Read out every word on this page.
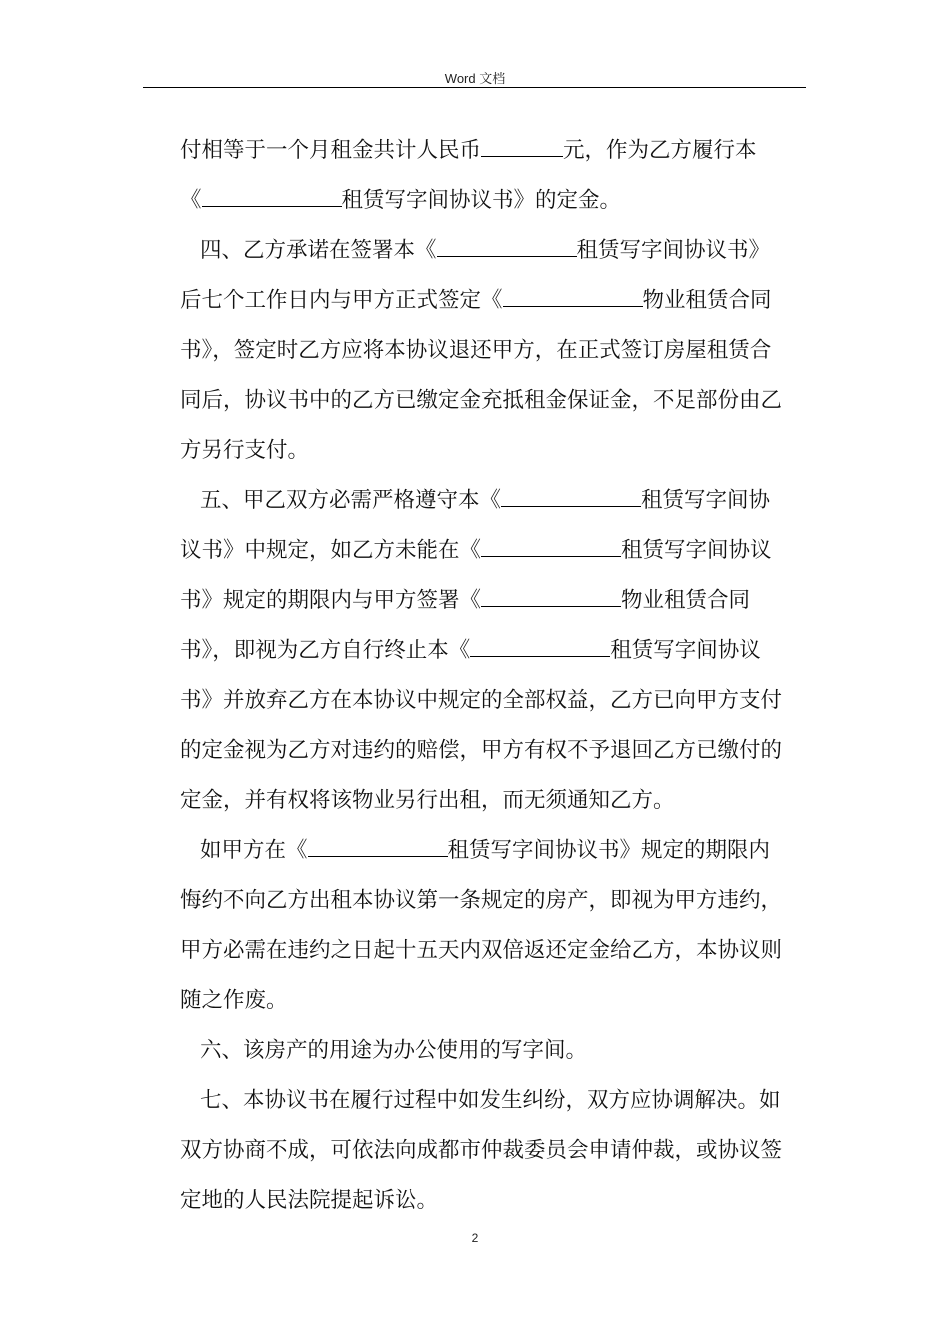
Word 文档
付相等于一个月租金共计人民币	元，作为乙方履行本
《	租赁写字间协议书》的定金。
四、乙方承诺在签署本《	租赁写字间协议书》
后七个工作日内与甲方正式签定《	物业租赁合同
书》，签定时乙方应将本协议退还甲方，在正式签订房屋租赁合
同后，协议书中的乙方已缴定金充抵租金保证金，不足部份由乙
方另行支付。
五、甲乙双方必需严格遵守本《	租赁写字间协
议书》中规定，如乙方未能在《	租赁写字间协议
书》规定的期限内与甲方签署《	物业租赁合同
书》，即视为乙方自行终止本《	租赁写字间协议
书》并放弃乙方在本协议中规定的全部权益，乙方已向甲方支付
的定金视为乙方对违约的赔偿，甲方有权不予退回乙方已缴付的
定金，并有权将该物业另行出租，而无须通知乙方。
如甲方在《	租赁写字间协议书》规定的期限内
悔约不向乙方出租本协议第一条规定的房产，即视为甲方违约，
甲方必需在违约之日起十五天内双倍返还定金给乙方，本协议则
随之作废。
六、该房产的用途为办公使用的写字间。
七、本协议书在履行过程中如发生纠纷，双方应协调解决。如
双方协商不成，可依法向成都市仲裁委员会申请仲裁，或协议签
定地的人民法院提起诉讼。
2
